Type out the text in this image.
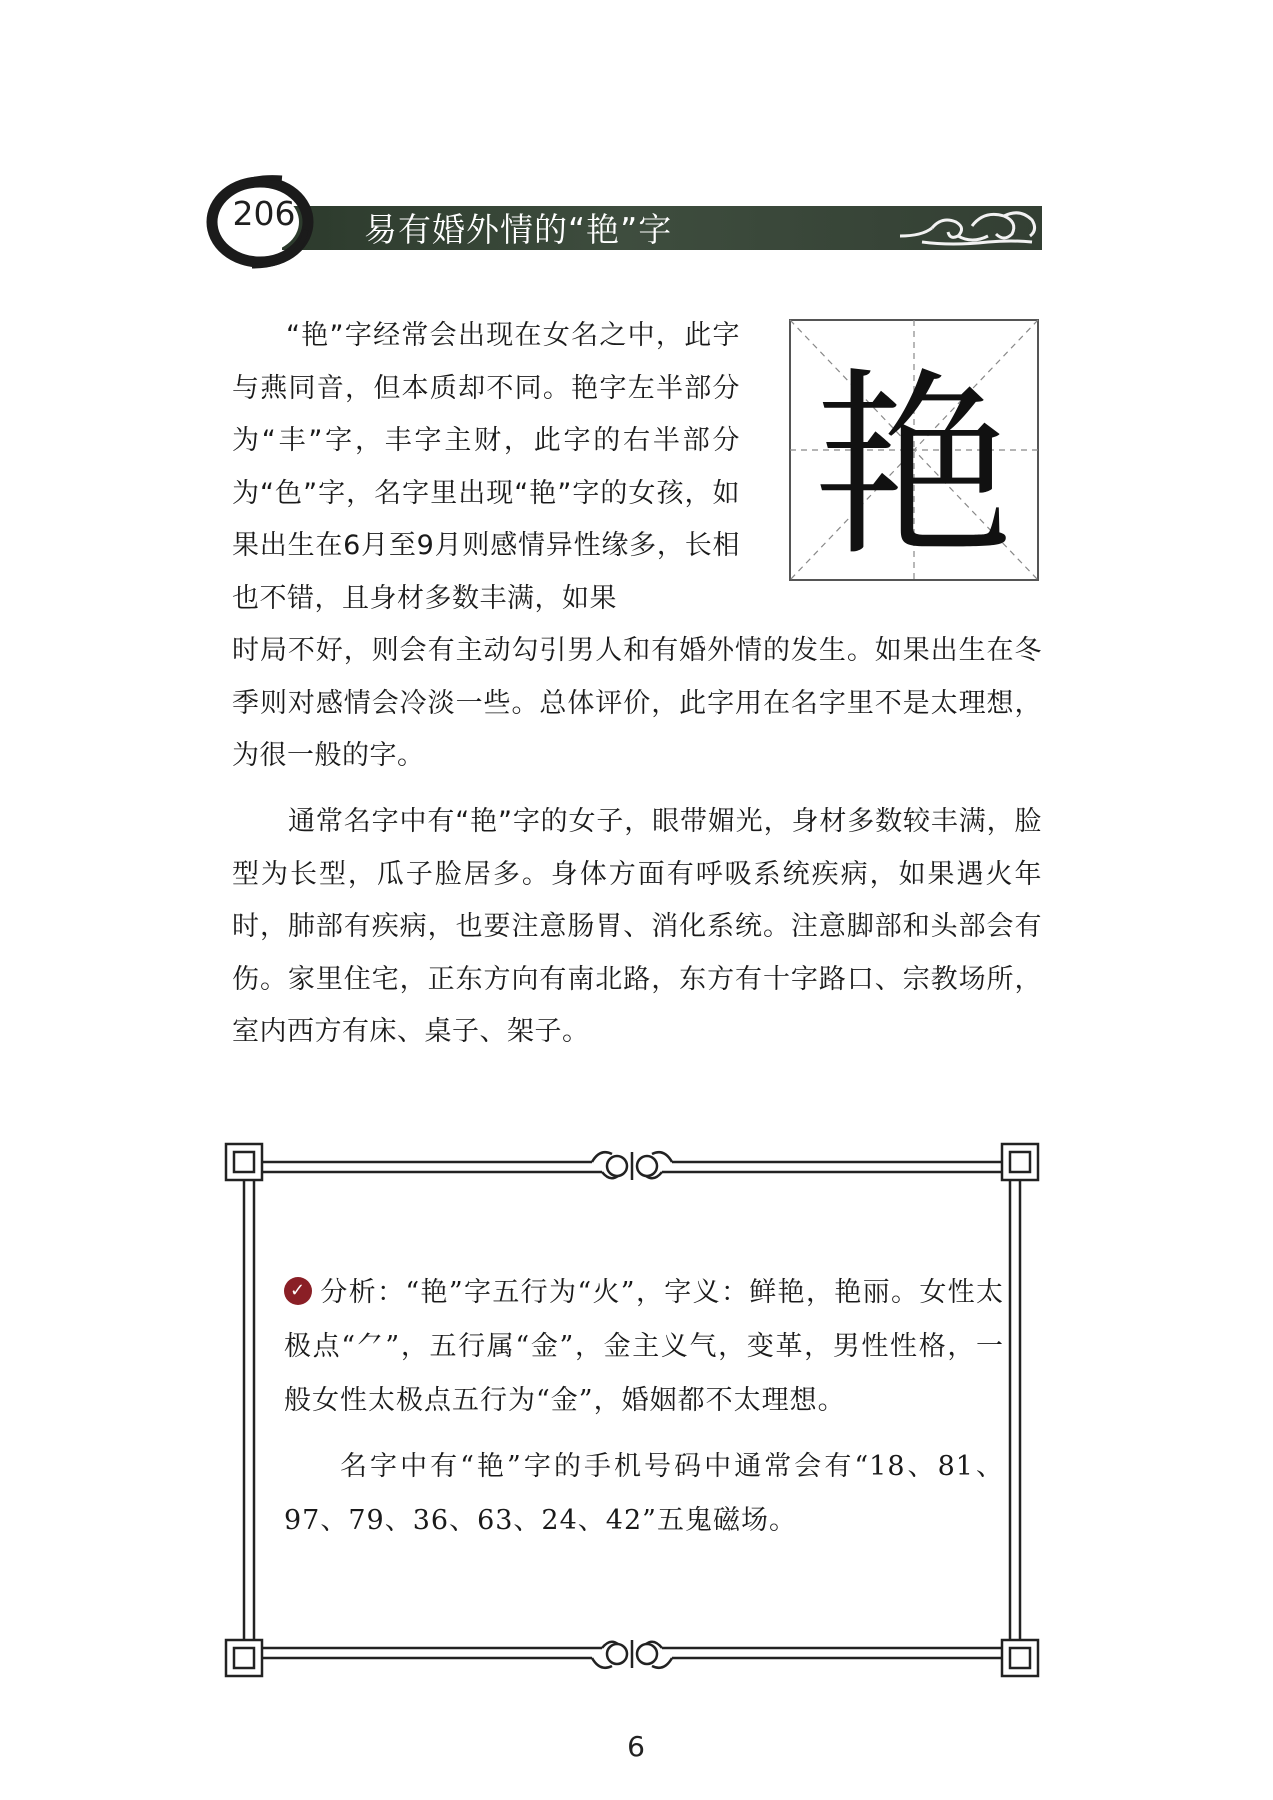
206 易有婚外情的“艳”字
艳

“艳”字经常会出现在女名之中，此字与燕同音，但本质却不同。艳字左半部分为“丰”字，丰字主财，此字的右半部分为“色”字，名字里出现“艳”字的女孩，如果出生在6月至9月则感情异性缘多，长相也不错，且身材多数丰满，如果

时局不好，则会有主动勾引男人和有婚外情的发生。如果出生在冬季则对感情会冷淡一些。总体评价，此字用在名字里不是太理想，为很一般的字。

通常名字中有“艳”字的女子，眼带媚光，身材多数较丰满，脸型为长型，瓜子脸居多。身体方面有呼吸系统疾病，如果遇火年时，肺部有疾病，也要注意肠胃、消化系统。注意脚部和头部会有伤。家里住宅，正东方向有南北路，东方有十字路口、宗教场所，室内西方有床、桌子、架子。

✓ 分析：“艳”字五行为“火”，字义：鲜艳，艳丽。女性太极点“⺈”，五行属“金”，金主义气，变革，男性性格，一般女性太极点五行为“金”，婚姻都不太理想。

名字中有“艳”字的手机号码中通常会有“18、81、97、79、36、63、24、42”五鬼磁场。

6
